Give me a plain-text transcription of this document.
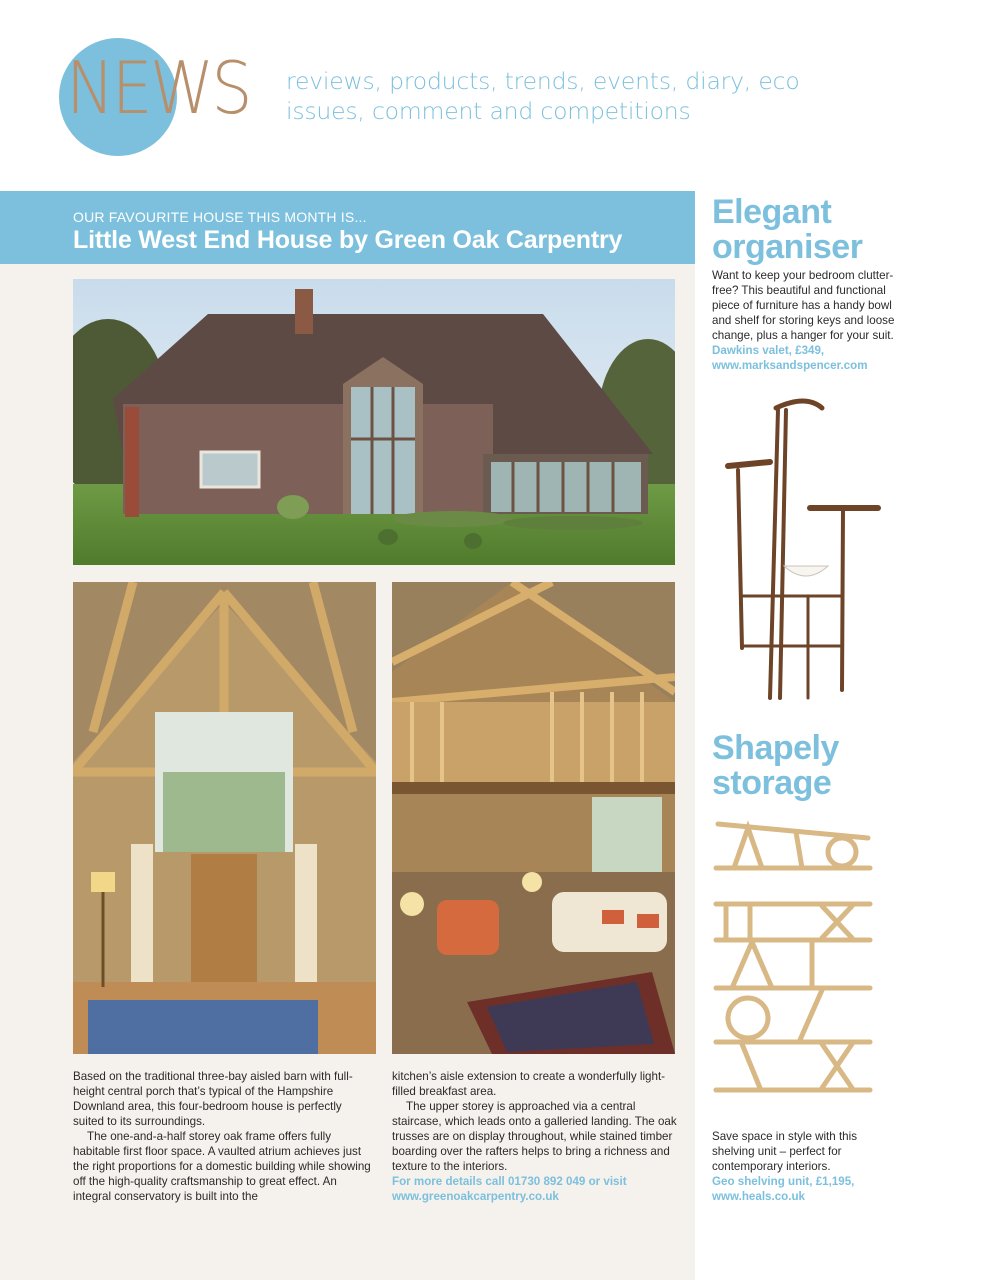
NEWS reviews, products, trends, events, diary, eco
issues, comment and competitions
OUR FAVOURITE HOUSE THIS MONTH IS...
Little West End House by Green Oak Carpentry

Based on the traditional three-bay aisled barn with full-height central porch that’s typical of the Hampshire Downland area, this four-bedroom house is perfectly suited to its surroundings.

The one-and-a-half storey oak frame offers fully habitable first floor space. A vaulted atrium achieves just the right proportions for a domestic building while showing off the high-quality craftsmanship to great effect. An integral conservatory is built into the

kitchen’s aisle extension to create a wonderfully light-filled breakfast area.

The upper storey is approached via a central staircase, which leads onto a galleried landing. The oak trusses are on display throughout, while stained timber boarding over the rafters helps to bring a richness and texture to the interiors.

For more details call 01730 892 049 or visit

www.greenoakcarpentry.co.uk

Elegant
organiser

Want to keep your bedroom clutter-free? This beautiful and functional piece of furniture has a handy bowl and shelf for storing keys and loose change, plus a hanger for your suit.

Dawkins valet, £349,

www.marksandspencer.com

Shapely
storage

Save space in style with this shelving unit – perfect for contemporary interiors.

Geo shelving unit, £1,195,

www.heals.co.uk
